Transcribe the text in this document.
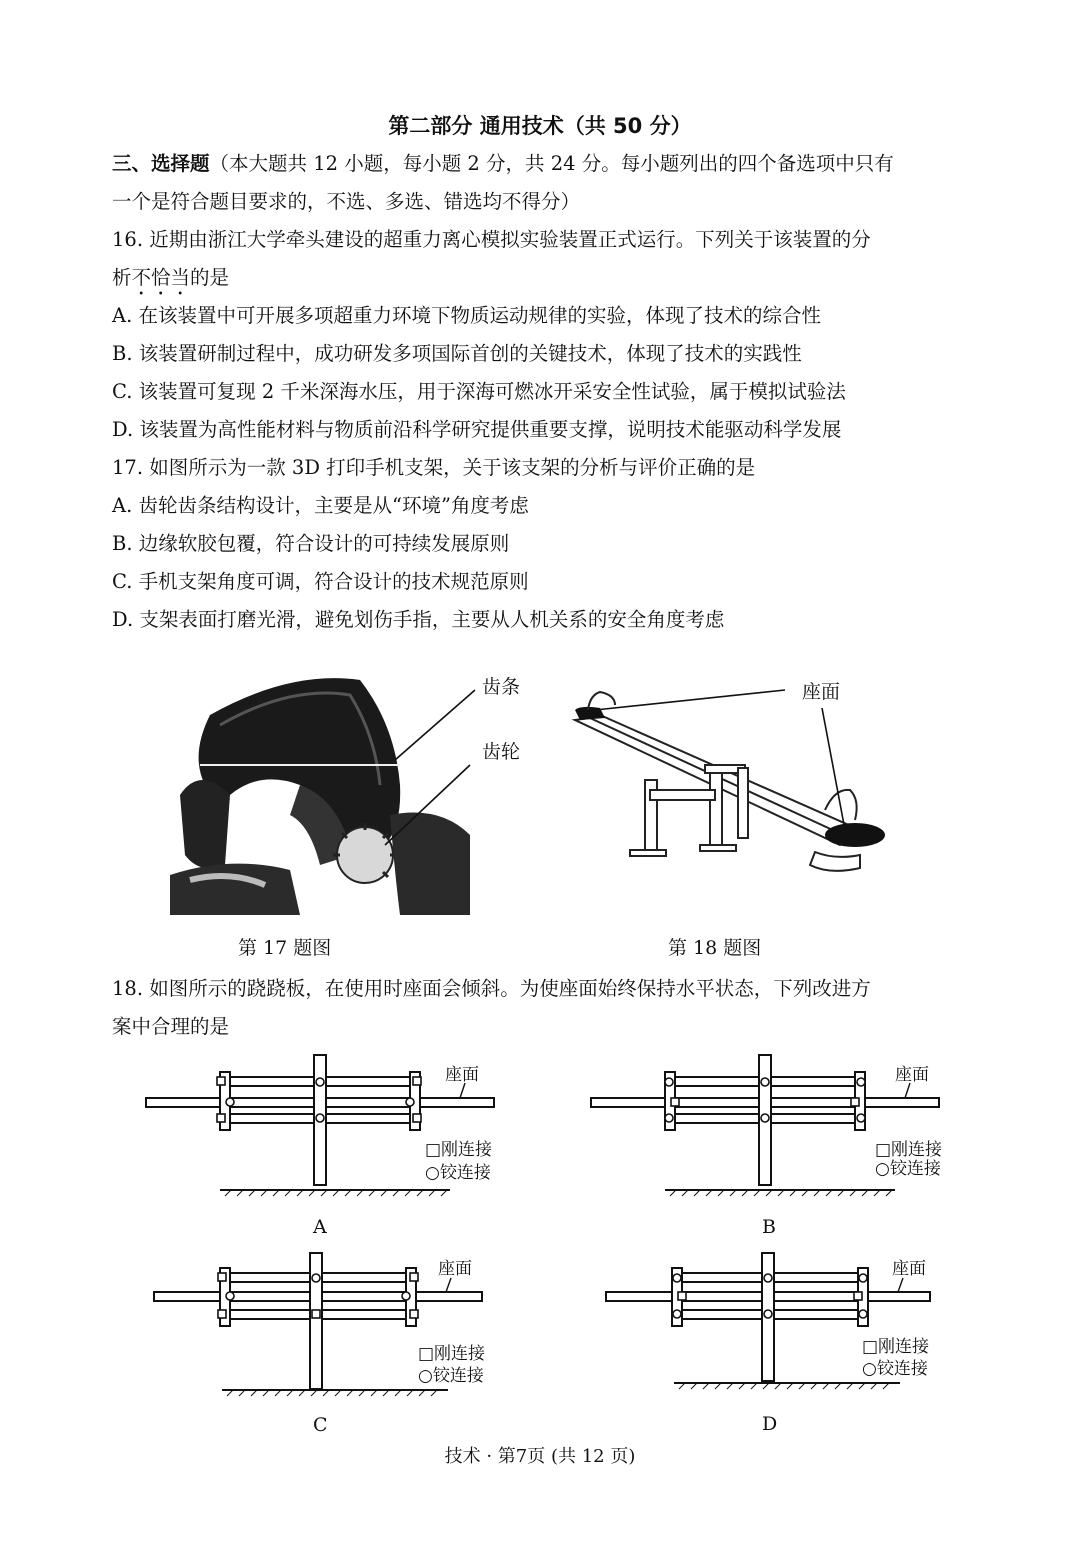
第二部分 通用技术（共 50 分）
三、选择题（本大题共 12 小题，每小题 2 分，共 24 分。每小题列出的四个备选项中只有
一个是符合题目要求的，不选、多选、错选均不得分）
16. 近期由浙江大学牵头建设的超重力离心模拟实验装置正式运行。下列关于该装置的分
析不恰当的是
A. 在该装置中可开展多项超重力环境下物质运动规律的实验，体现了技术的综合性
B. 该装置研制过程中，成功研发多项国际首创的关键技术，体现了技术的实践性
C. 该装置可复现 2 千米深海水压，用于深海可燃冰开采安全性试验，属于模拟试验法
D. 该装置为高性能材料与物质前沿科学研究提供重要支撑，说明技术能驱动科学发展
17. 如图所示为一款 3D 打印手机支架，关于该支架的分析与评价正确的是
A. 齿轮齿条结构设计，主要是从“环境”角度考虑
B. 边缘软胶包覆，符合设计的可持续发展原则
C. 手机支架角度可调，符合设计的技术规范原则
D. 支架表面打磨光滑，避免划伤手指，主要从人机关系的安全角度考虑
齿条
齿轮
第 17 题图
座面
第 18 题图
18. 如图所示的跷跷板，在使用时座面会倾斜。为使座面始终保持水平状态，下列改进方
案中合理的是
座面
□刚连接
○铰连接
A
座面
□刚连接
○铰连接
B
座面
□刚连接
○铰连接
C
座面
□刚连接
○铰连接
D
技术 · 第7页 (共 12 页)
